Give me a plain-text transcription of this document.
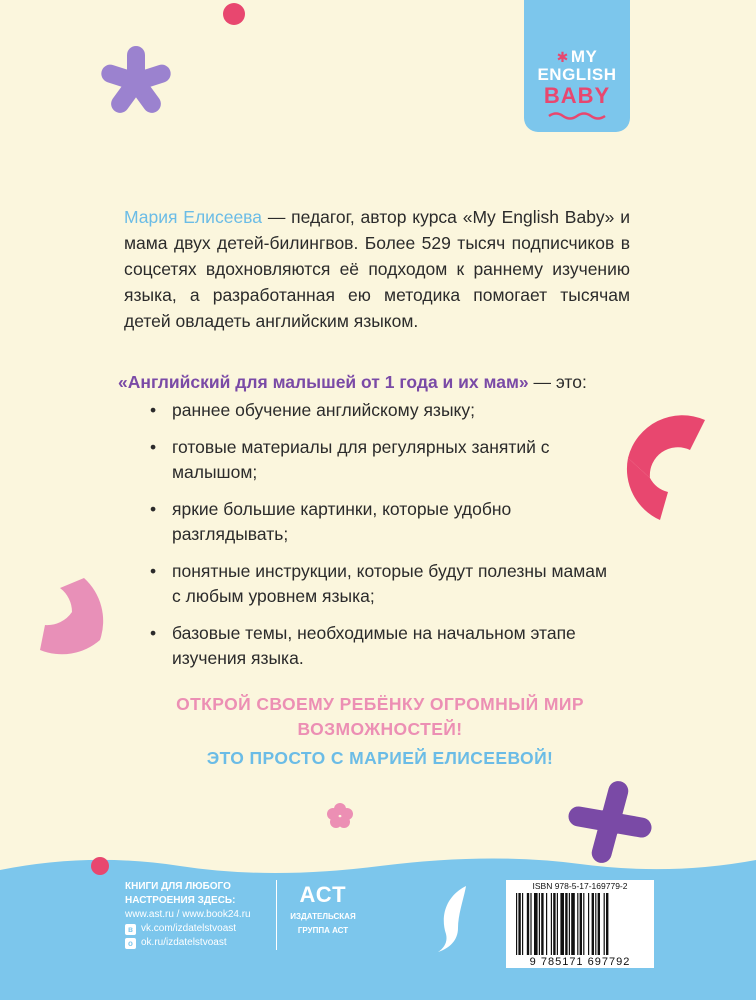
✱ MY
ENGLISH
BABY
Мария Елисеева — педагог, автор курса «My English Baby» и мама двух детей-билингвов. Более 529 тысяч подписчиков в соцсетях вдохновляются её подходом к раннему изучению языка, а разработанная ею методика помогает тысячам детей овладеть английским языком.
«Английский для малышей от 1 года и их мам» — это:
• раннее обучение английскому языку;
• готовые материалы для регулярных занятий с малышом;
• яркие большие картинки, которые удобно разглядывать;
• понятные инструкции, которые будут полезны мамам с любым уровнем языка;
• базовые темы, необходимые на начальном этапе изучения языка.
ОТКРОЙ СВОЕМУ РЕБЁНКУ ОГРОМНЫЙ МИР ВОЗМОЖНОСТЕЙ!
ЭТО ПРОСТО С МАРИЕЙ ЕЛИСЕЕВОЙ!
КНИГИ ДЛЯ ЛЮБОГО
НАСТРОЕНИЯ ЗДЕСЬ:
www.ast.ru / www.book24.ru
в vk.com/izdatelstvoast
о ok.ru/izdatelstvoast
АСТ
ИЗДАТЕЛЬСКАЯ
ГРУППА АСТ
ISBN 978-5-17-169779-2
9 785171 697792
